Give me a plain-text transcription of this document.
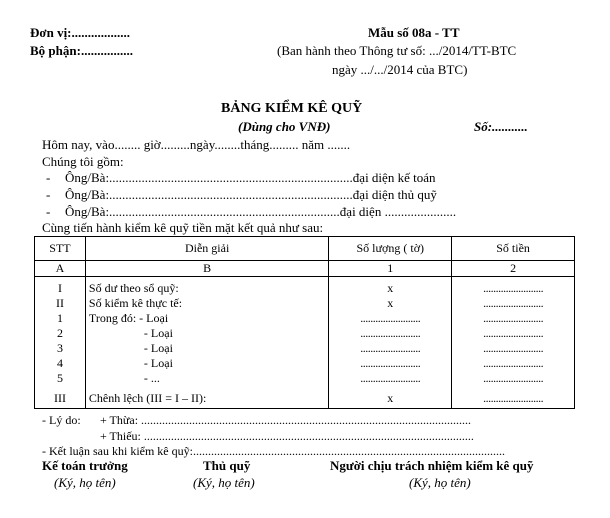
Đơn vị:..................
Bộ phận:................
Mẫu số 08a - TT
(Ban hành theo Thông tư số: .../2014/TT-BTC
ngày .../.../2014 của BTC)
BẢNG KIỂM KÊ QUỸ
(Dùng cho VNĐ)	Số:...........
Hôm nay, vào........ giờ.........ngày........tháng......... năm .......
Chúng tôi gồm:
- Ông/Bà:...........................................................................đại diện kế toán
- Ông/Bà:...........................................................................đại diện thủ quỹ
- Ông/Bà:.......................................................................đại diện ......................
Cùng tiến hành kiểm kê quỹ tiền mặt kết quả như sau:
STT	Diễn giải	Số lượng ( tờ)	Số tiền
A	B	1	2
I	Số dư theo sổ quỹ:	x	........................
II	Số kiểm kê thực tế:	x	........................
1	Trong đó: - Loại	........................	........................
2	- Loại	........................	........................
3	- Loại	........................	........................
4	- Loại	........................	........................
5	- ...	........................	........................
III	Chênh lệch (III = I – II):	x	........................
- Lý do: + Thừa: ..............................................................................................................
+ Thiếu: ..............................................................................................................
- Kết luận sau khi kiểm kê quỹ:........................................................................................................
Kế toán trưởng
(Ký, họ tên)
Thủ quỹ
(Ký, họ tên)
Người chịu trách nhiệm kiểm kê quỹ
(Ký, họ tên)
